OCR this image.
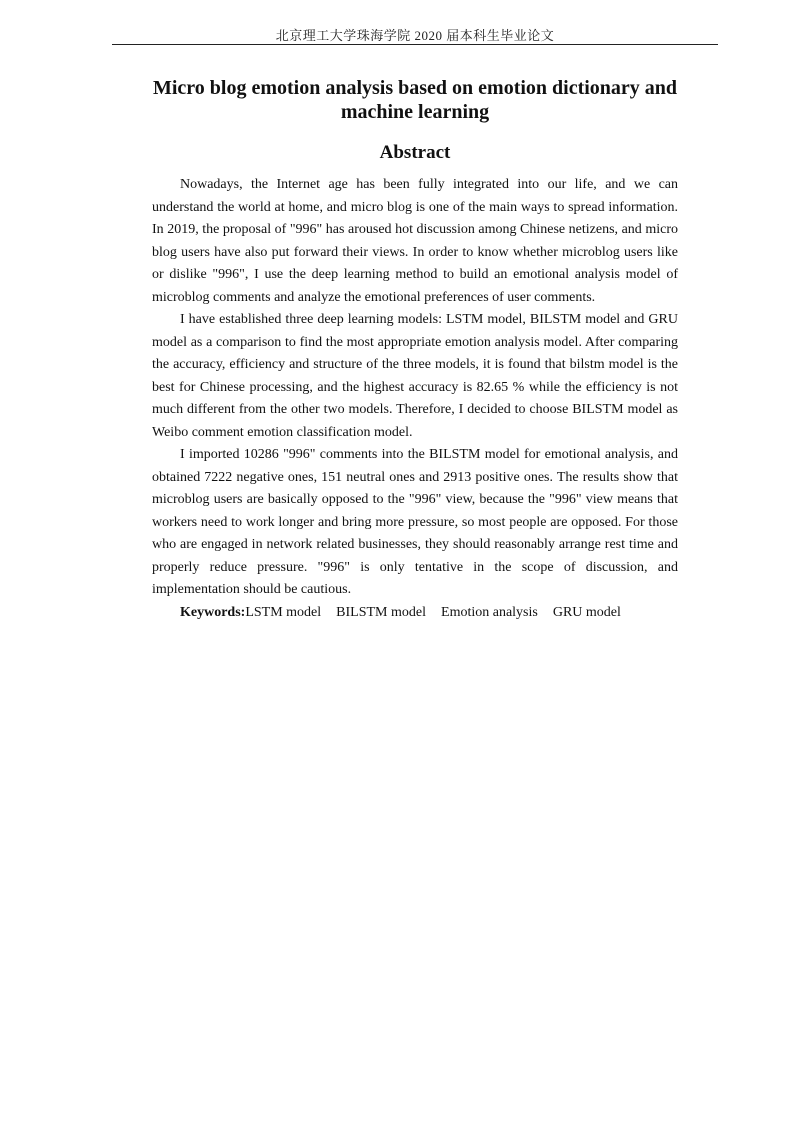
北京理工大学珠海学院 2020 届本科生毕业论文
Micro blog emotion analysis based on emotion dictionary and machine learning
Abstract

Nowadays, the Internet age has been fully integrated into our life, and we can understand the world at home, and micro blog is one of the main ways to spread information. In 2019, the proposal of "996" has aroused hot discussion among Chinese netizens, and micro blog users have also put forward their views. In order to know whether microblog users like or dislike "996", I use the deep learning method to build an emotional analysis model of microblog comments and analyze the emotional preferences of user comments.

I have established three deep learning models: LSTM model, BILSTM model and GRU model as a comparison to find the most appropriate emotion analysis model. After comparing the accuracy, efficiency and structure of the three models, it is found that bilstm model is the best for Chinese processing, and the highest accuracy is 82.65 % while the efficiency is not much different from the other two models. Therefore, I decided to choose BILSTM model as Weibo comment emotion classification model.

I imported 10286 "996" comments into the BILSTM model for emotional analysis, and obtained 7222 negative ones, 151 neutral ones and 2913 positive ones. The results show that microblog users are basically opposed to the "996" view, because the "996" view means that workers need to work longer and bring more pressure, so most people are opposed. For those who are engaged in network related businesses, they should reasonably arrange rest time and properly reduce pressure. "996" is only tentative in the scope of discussion, and implementation should be cautious.

Keywords:LSTM model BILSTM model Emotion analysis GRU model
